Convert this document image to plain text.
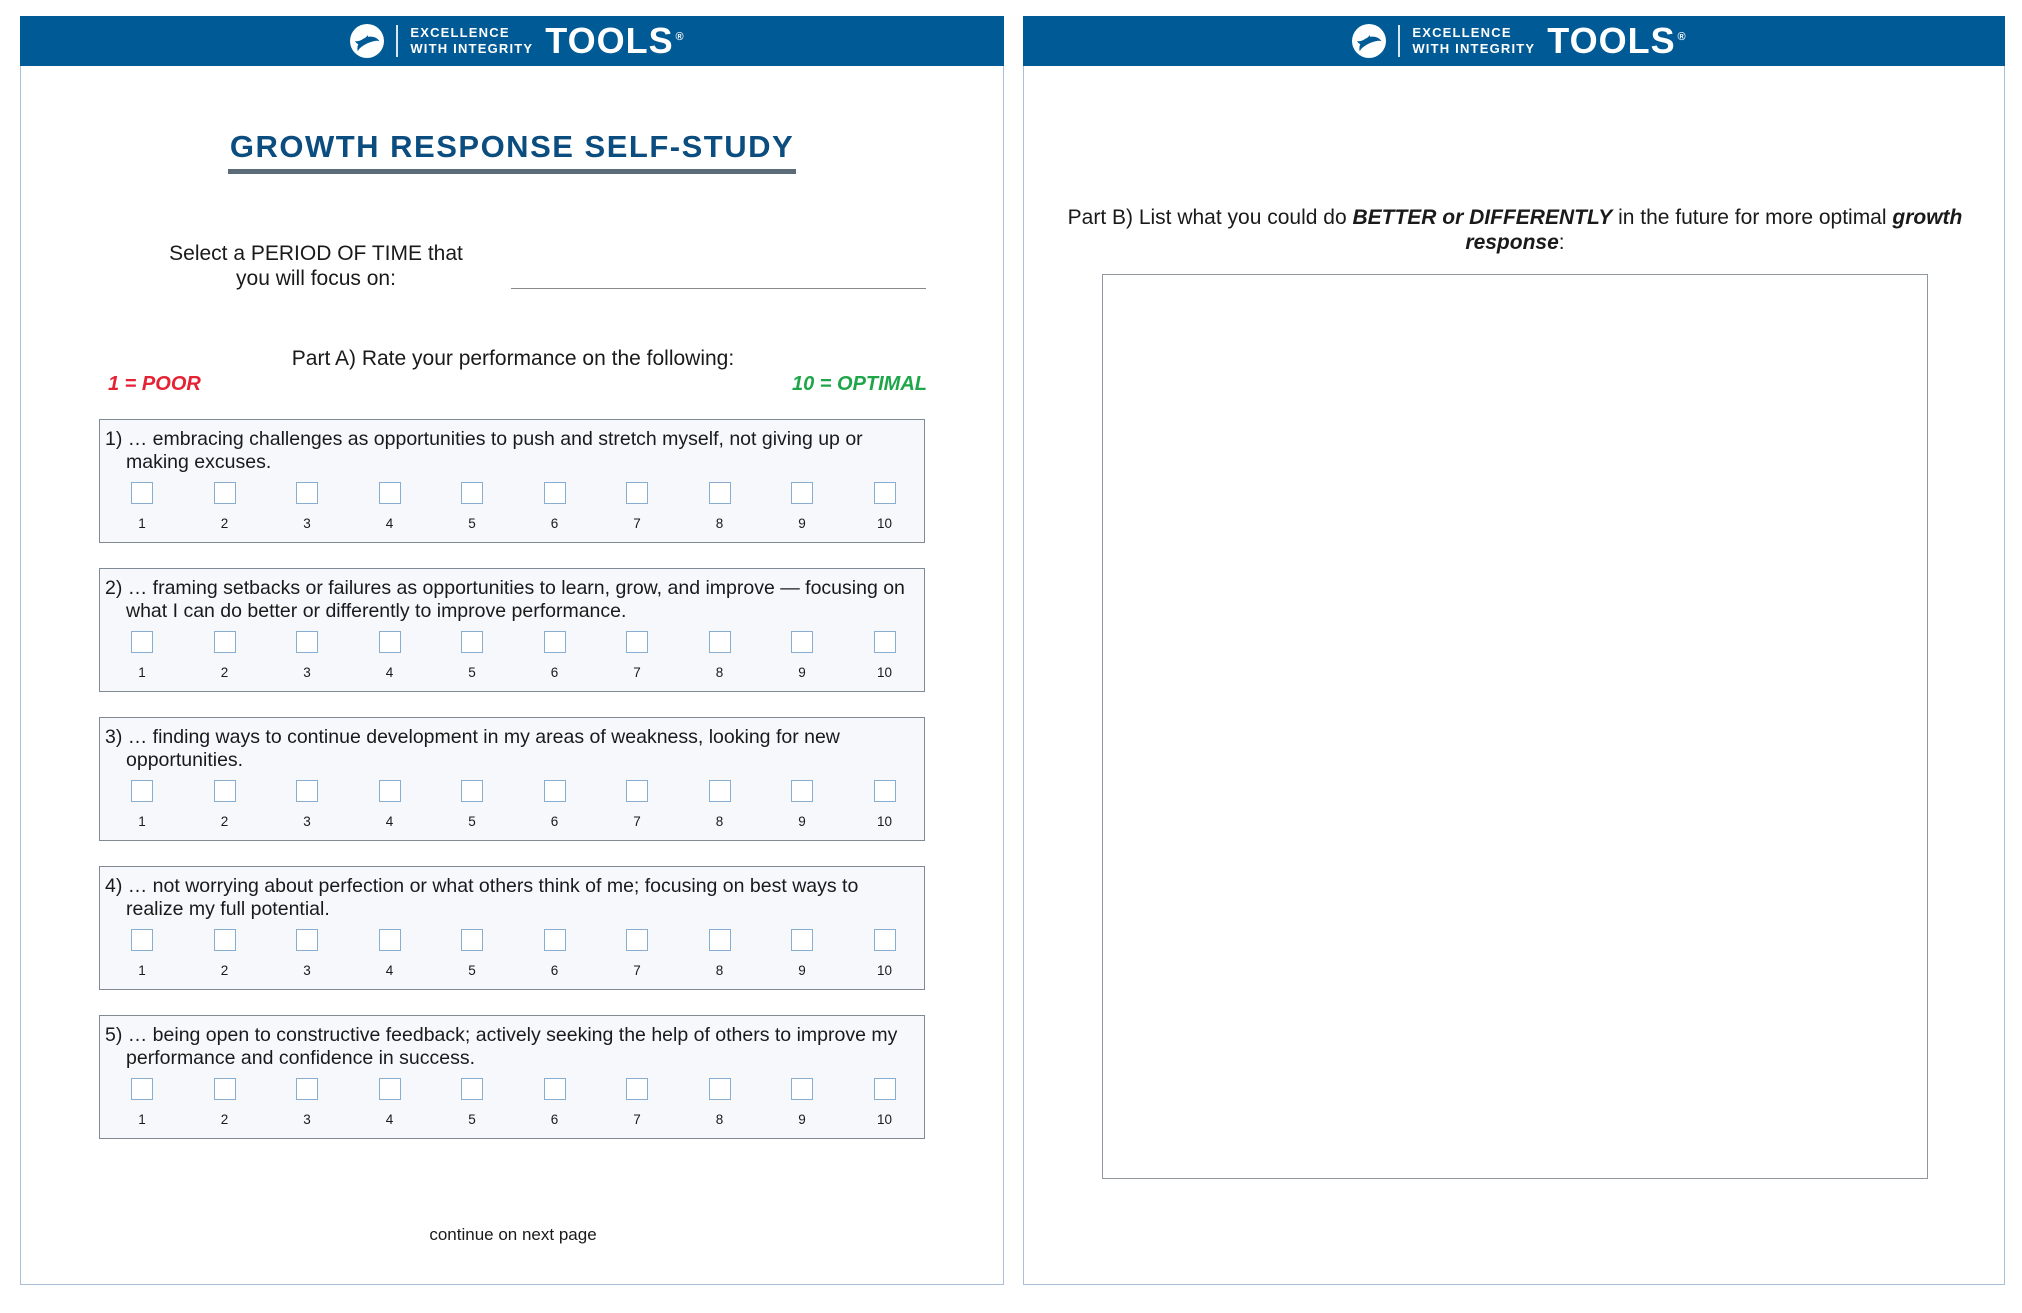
EXCELLENCE
WITH INTEGRITY TOOLS ®
GROWTH RESPONSE SELF-STUDY
Select a PERIOD OF TIME that you will focus on:
Part A) Rate your performance on the following:
1 = POOR	10 = OPTIMAL
1) … embracing challenges as opportunities to push and stretch myself, not giving up or making excuses.
1	2	3	4	5	6	7	8	9	10
2) … framing setbacks or failures as opportunities to learn, grow, and improve — focusing on what I can do better or differently to improve performance.
1	2	3	4	5	6	7	8	9	10
3) … finding ways to continue development in my areas of weakness, looking for new opportunities.
1	2	3	4	5	6	7	8	9	10
4) … not worrying about perfection or what others think of me; focusing on best ways to realize my full potential.
1	2	3	4	5	6	7	8	9	10
5) … being open to constructive feedback; actively seeking the help of others to improve my performance and confidence in success.
1	2	3	4	5	6	7	8	9	10
continue on next page
EXCELLENCE
WITH INTEGRITY TOOLS ®
Part B) List what you could do BETTER or DIFFERENTLY in the future for more optimal growth response:
